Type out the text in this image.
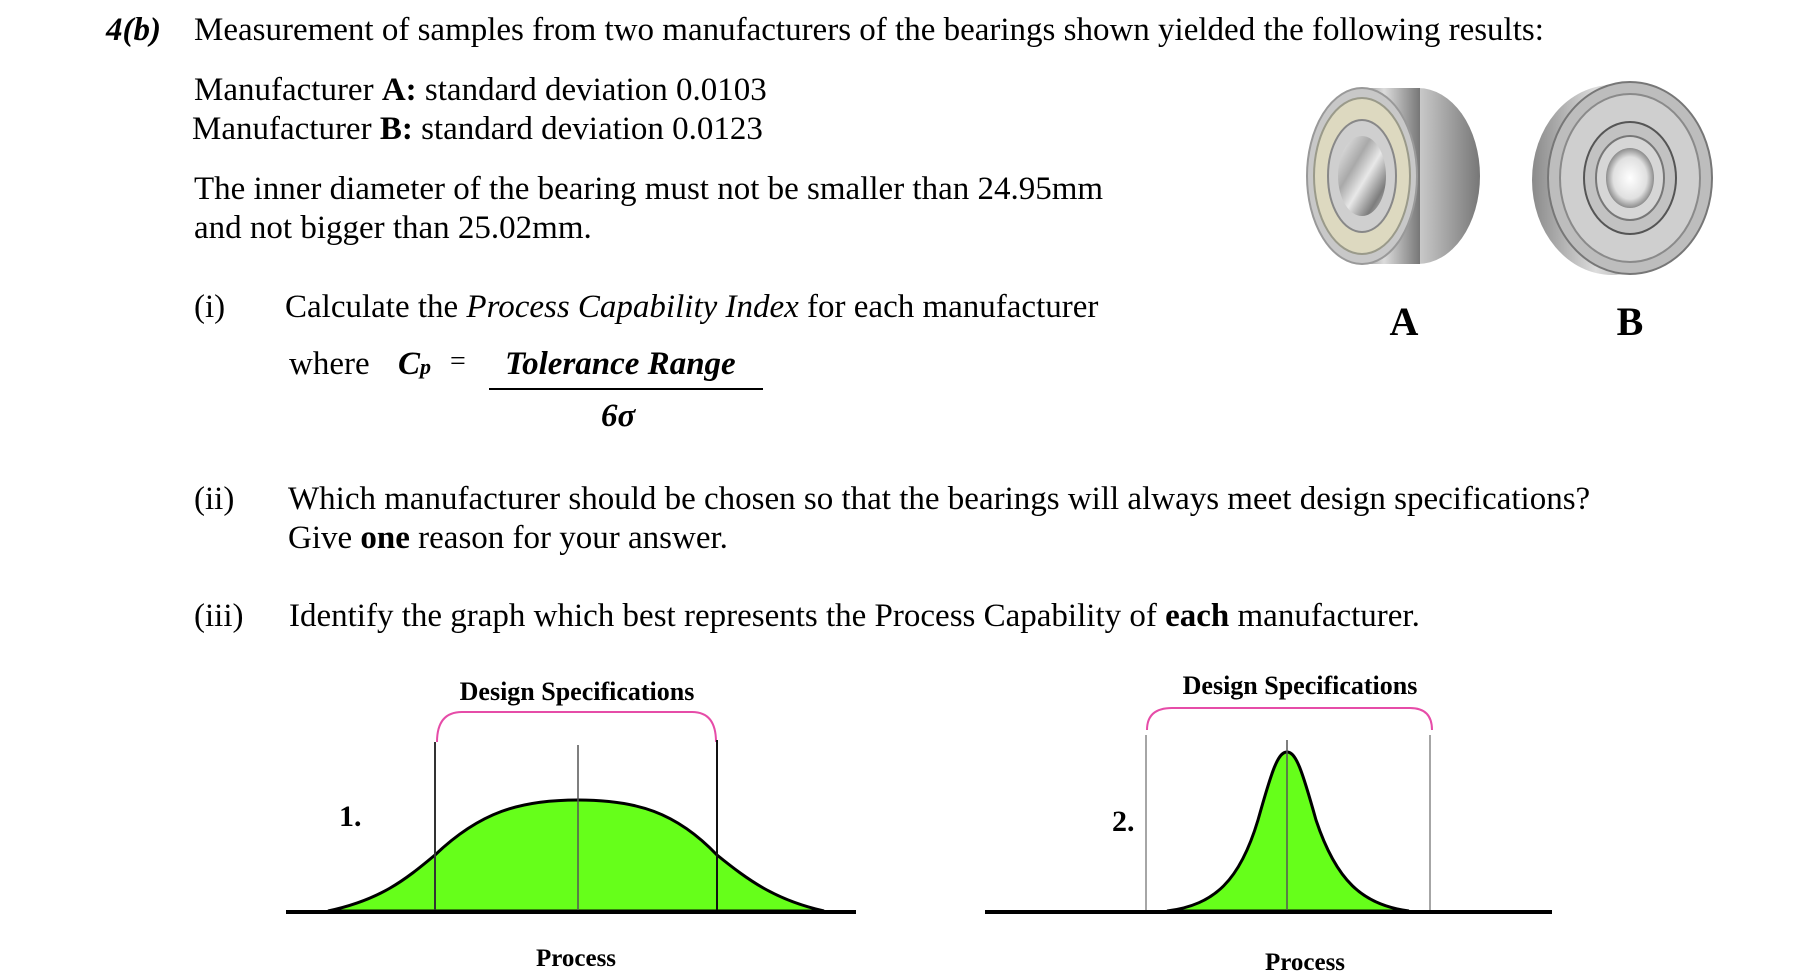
4(b) Measurement of samples from two manufacturers of the bearings shown yielded the following results:
Manufacturer A: standard deviation 0.0103
Manufacturer B: standard deviation 0.0123
The inner diameter of the bearing must not be smaller than 24.95mm
and not bigger than 25.02mm.
(i) Calculate the Process Capability Index for each manufacturer
where Cp = Tolerance Range
6σ
(ii) Which manufacturer should be chosen so that the bearings will always meet design specifications?
Give one reason for your answer.
(iii) Identify the graph which best represents the Process Capability of each manufacturer.
A	B
Design Specifications	Design Specifications
1.	2.
Process	Process
